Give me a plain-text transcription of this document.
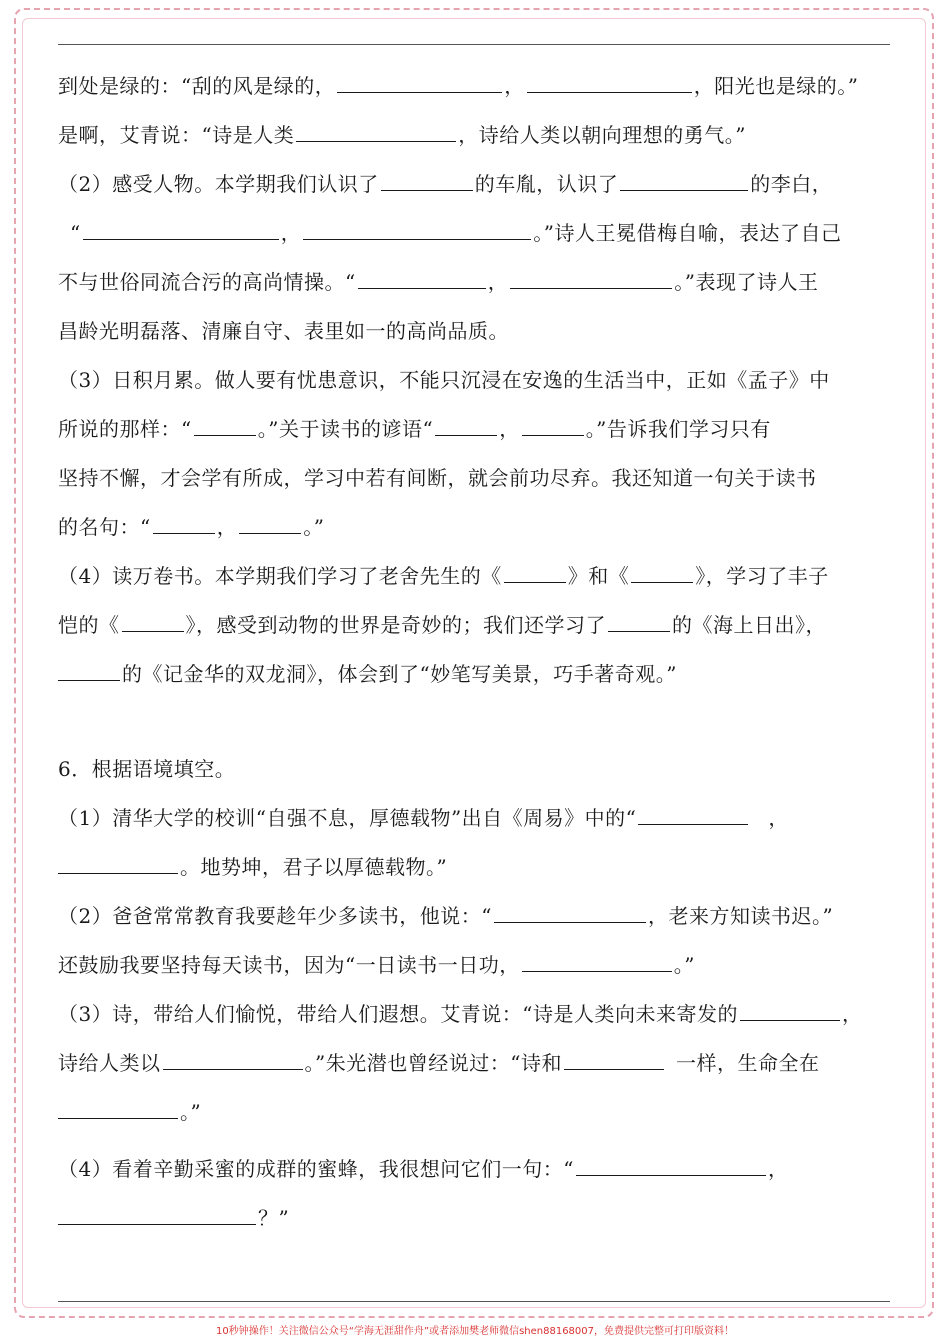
到处是绿的：“刮的风是绿的，	，	，阳光也是绿的。”
是啊，艾青说：“诗是人类	，诗给人类以朝向理想的勇气。”
（2）感受人物。本学期我们认识了	的车胤，认识了	的李白，
“	，	。”诗人王冕借梅自喻，表达了自己
不与世俗同流合污的高尚情操。“	，	。”表现了诗人王
昌龄光明磊落、清廉自守、表里如一的高尚品质。
（3）日积月累。做人要有忧患意识，不能只沉浸在安逸的生活当中，正如《孟子》中
所说的那样：“	。”关于读书的谚语“	，	。”告诉我们学习只有
坚持不懈，才会学有所成，学习中若有间断，就会前功尽弃。我还知道一句关于读书
的名句：“	，	。”
（4）读万卷书。本学期我们学习了老舍先生的《	》和《	》，学习了丰子
恺的《	》，感受到动物的世界是奇妙的；我们还学习了	的《海上日出》，
的《记金华的双龙洞》，体会到了“妙笔写美景，巧手著奇观。”
6．根据语境填空。
（1）清华大学的校训“自强不息，厚德载物”出自《周易》中的“	，
。地势坤，君子以厚德载物。”
（2）爸爸常常教育我要趁年少多读书，他说：“	，老来方知读书迟。”
还鼓励我要坚持每天读书，因为“一日读书一日功，	。”
（3）诗，带给人们愉悦，带给人们遐想。艾青说：“诗是人类向未来寄发的	，
诗给人类以	。”朱光潜也曾经说过：“诗和	一样，生命全在
。”
（4）看着辛勤采蜜的成群的蜜蜂，我很想问它们一句：“	，
？”
10秒钟操作！关注微信公众号“学海无涯甜作舟”或者添加樊老师微信shen88168007，免费提供完整可打印版资料！
